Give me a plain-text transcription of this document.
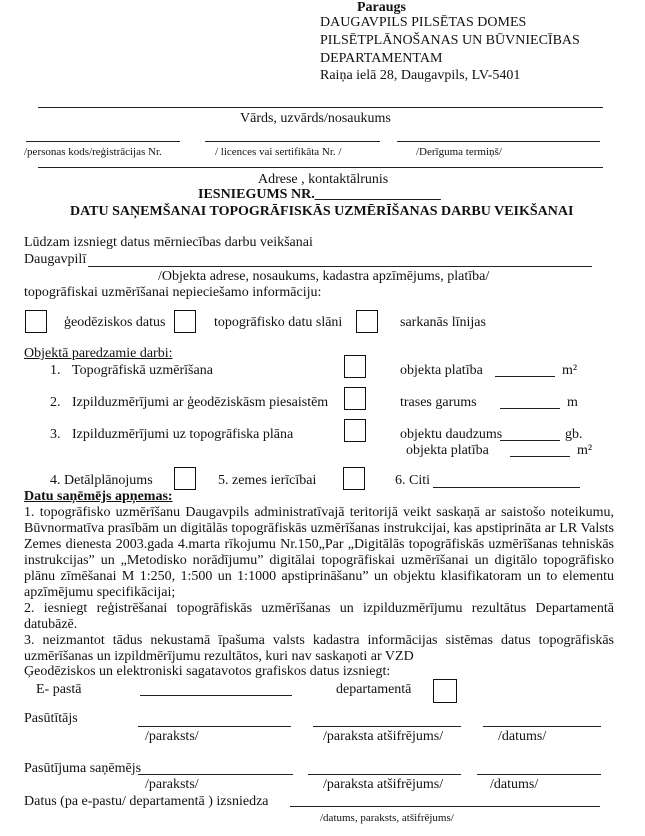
Paraugs
DAUGAVPILS PILSĒTAS DOMES
PILSĒTPLĀNOŠANAS UN BŪVNIECĪBAS
DEPARTAMENTAM
Raiņa ielā 28, Daugavpils, LV-5401
Vārds, uzvārds/nosaukums
/personas kods/reģistrācijas Nr.	/ licences vai sertifikāta Nr. /	/Derīguma termiņš/
Adrese , kontaktālrunis
IESNIEGUMS NR.__________________
DATU SAŅEMŠANAI TOPOGRĀFISKĀS UZMĒRĪŠANAS DARBU VEIKŠANAI
Lūdzam izsniegt datus mērniecības darbu veikšanai
Daugavpilī
/Objekta adrese, nosaukums, kadastra apzīmējums, platība/
topogrāfiskai uzmērīšanai nepieciešamo informāciju:
ģeodēziskos datus	topogrāfisko datu slāni	sarkanās līnijas
Objektā paredzamie darbi:
1. Topogrāfiskā uzmērīšana	objekta platība	m²
2. Izpilduzmērījumi ar ģeodēziskāsm piesaistēm	trases garums	m
3. Izpilduzmērījumi uz topogrāfiska plāna	objektu daudzums	gb.
objekta platība	m²
4. Detālplānojums	5. zemes ierīcībai	6. Citi
Datu saņēmējs apņemas:

1. topogrāfisko uzmērīšanu Daugavpils administratīvajā teritorijā veikt saskaņā ar saistošo noteikumu, Būvnormatīva prasībām un digitālās topogrāfiskās uzmērīšanas instrukcijai, kas apstiprināta ar LR Valsts Zemes dienesta 2003.gada 4.marta rīkojumu Nr.150„Par „Digitālās topogrāfiskās uzmērīšanas tehniskās instrukcijas” un „Metodisko norādījumu” digitālai topogrāfiskai uzmērīšanai un digitālo topogrāfisko plānu zīmēšanai M 1:250, 1:500 un 1:1000 apstiprināšanu” un objektu klasifikatoram un to elementu apzīmējumu specifikācijai;

2. iesniegt reģistrēšanai topogrāfiskās uzmērīšanas un izpilduzmērījumu rezultātus Departamentā datubāzē.

3. neizmantot tādus nekustamā īpašuma valsts kadastra informācijas sistēmas datus topogrāfiskās uzmērīšanas un izpildmērījumu rezultātos, kuri nav saskaņoti ar VZD

Ģeodēziskos un elektroniski sagatavotos grafiskos datus izsniegt:
E- pastā	departamentā
Pasūtītājs
/paraksts/	/paraksta atšifrējums/	/datums/
Pasūtījuma saņēmējs
/paraksts/	/paraksta atšifrējums/	/datums/
Datus (pa e-pastu/ departamentā ) izsniedza
/datums, paraksts, atšifrējums/
